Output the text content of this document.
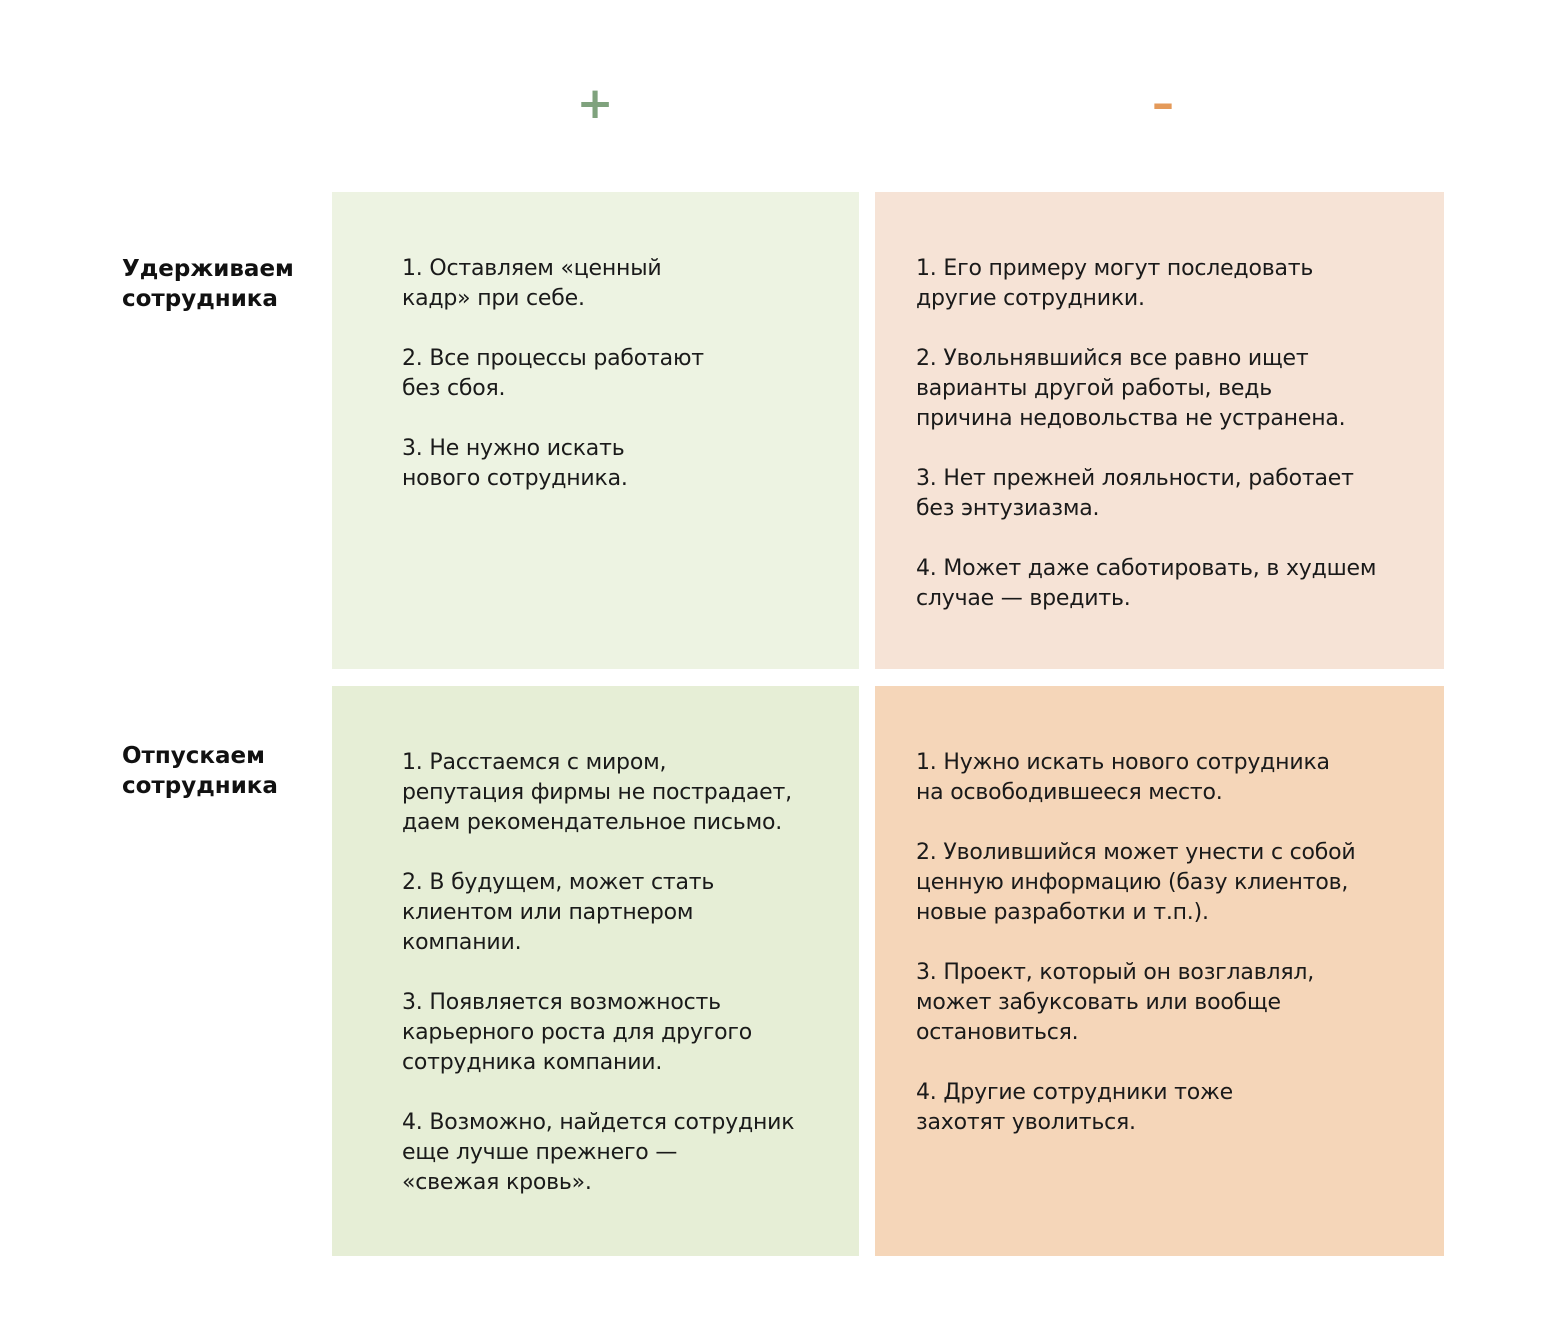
+	–
Удерживаем
сотрудника
Отпускаем
сотрудника

1. Оставляем «ценный
кадр» при себе.

2. Все процессы работают
без сбоя.

3. Не нужно искать
нового сотрудника.

1. Его примеру могут последовать
другие сотрудники.

2. Увольнявшийся все равно ищет
варианты другой работы, ведь
причина недовольства не устранена.

3. Нет прежней лояльности, работает
без энтузиазма.

4. Может даже саботировать, в худшем
случае — вредить.

1. Расстаемся с миром,
репутация фирмы не пострадает,
даем рекомендательное письмо.

2. В будущем, может стать
клиентом или партнером
компании.

3. Появляется возможность
карьерного роста для другого
сотрудника компании.

4. Возможно, найдется сотрудник
еще лучше прежнего —
«свежая кровь».

1. Нужно искать нового сотрудника
на освободившееся место.

2. Уволившийся может унести с собой
ценную информацию (базу клиентов,
новые разработки и т.п.).

3. Проект, который он возглавлял,
может забуксовать или вообще
остановиться.

4. Другие сотрудники тоже
захотят уволиться.
